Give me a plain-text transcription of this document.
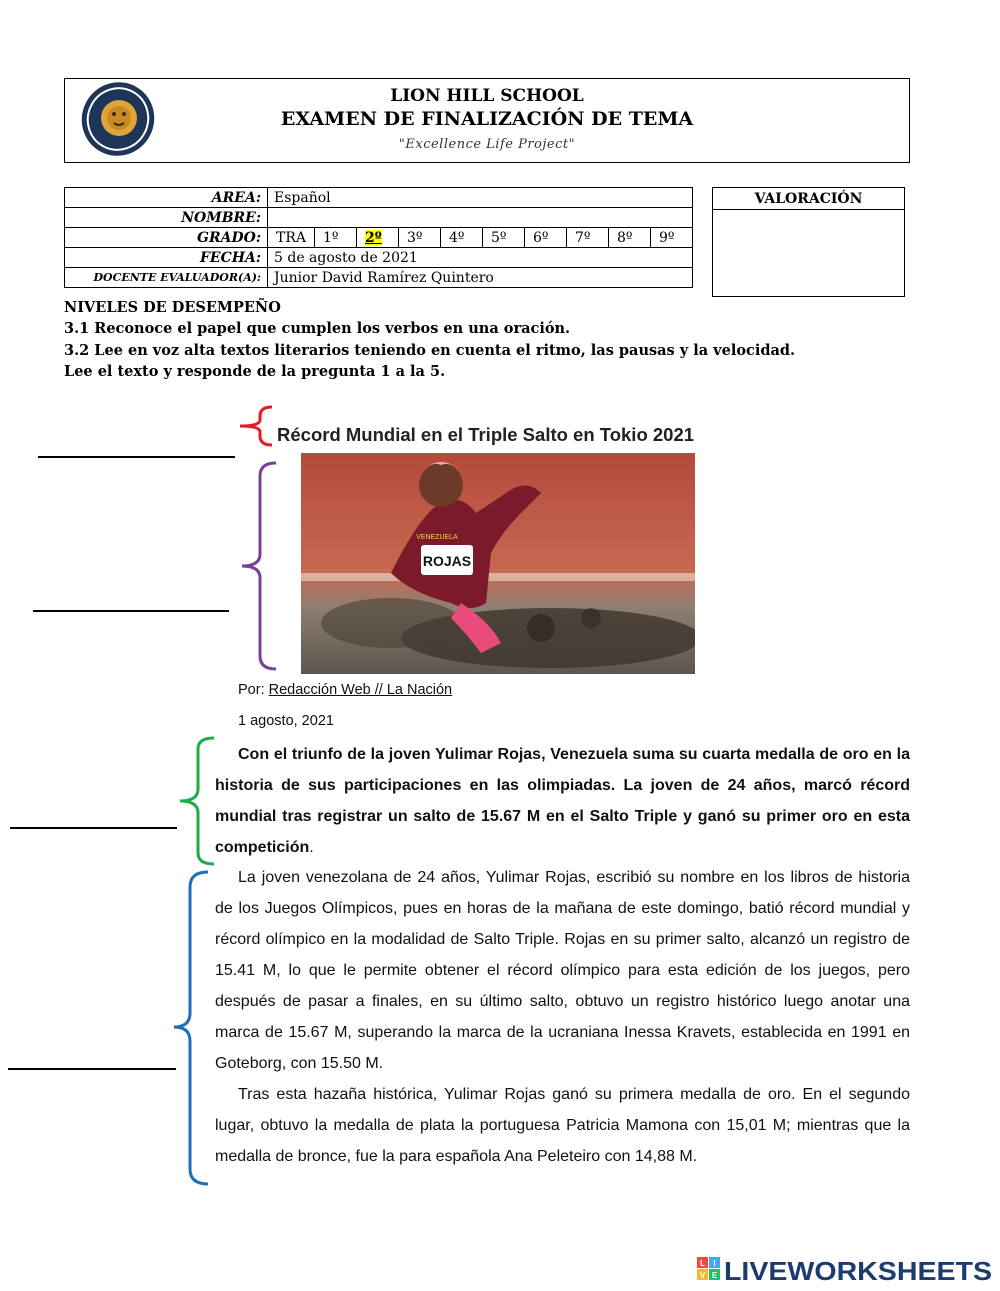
LION HILL SCHOOL
EXAMEN DE FINALIZACIÓN DE TEMA
"Excellence Life Project"
AREA:	Español									
NOMBRE:										
GRADO:	TRA	1º	2º	3º	4º	5º	6º	7º	8º	9º
FECHA:	5 de agosto de 2021									
DOCENTE EVALUADOR(A):	Junior David Ramírez Quintero									
VALORACIÓN
NIVELES DE DESEMPEÑO
3.1 Reconoce el papel que cumplen los verbos en una oración.
3.2 Lee en voz alta textos literarios teniendo en cuenta el ritmo, las pausas y la velocidad.
Lee el texto y responde de la pregunta 1 a la 5.
Récord Mundial en el Triple Salto en Tokio 2021
ROJAS
VENEZUELA
Por: Redacción Web // La Nación
1 agosto, 2021
Con el triunfo de la joven Yulimar Rojas, Venezuela suma su cuarta medalla de oro en la historia de sus participaciones en las olimpiadas. La joven de 24 años, marcó récord mundial tras registrar un salto de 15.67 M en el Salto Triple y ganó su primer oro en esta competición.
La joven venezolana de 24 años, Yulimar Rojas, escribió su nombre en los libros de historia de los Juegos Olímpicos, pues en horas de la mañana de este domingo, batió récord mundial y récord olímpico en la modalidad de Salto Triple. Rojas en su primer salto, alcanzó un registro de 15.41 M, lo que le permite obtener el récord olímpico para esta edición de los juegos, pero después de pasar a finales, en su último salto, obtuvo un registro histórico luego anotar una marca de 15.67 M, superando la marca de la ucraniana Inessa Kravets, establecida en 1991 en Goteborg, con 15.50 M.
Tras esta hazaña histórica, Yulimar Rojas ganó su primera medalla de oro. En el segundo lugar, obtuvo la medalla de plata la portuguesa Patricia Mamona con 15,01 M; mientras que la medalla de bronce, fue la para española Ana Peleteiro con 14,88 M.
L I
V E LIVEWORKSHEETS
